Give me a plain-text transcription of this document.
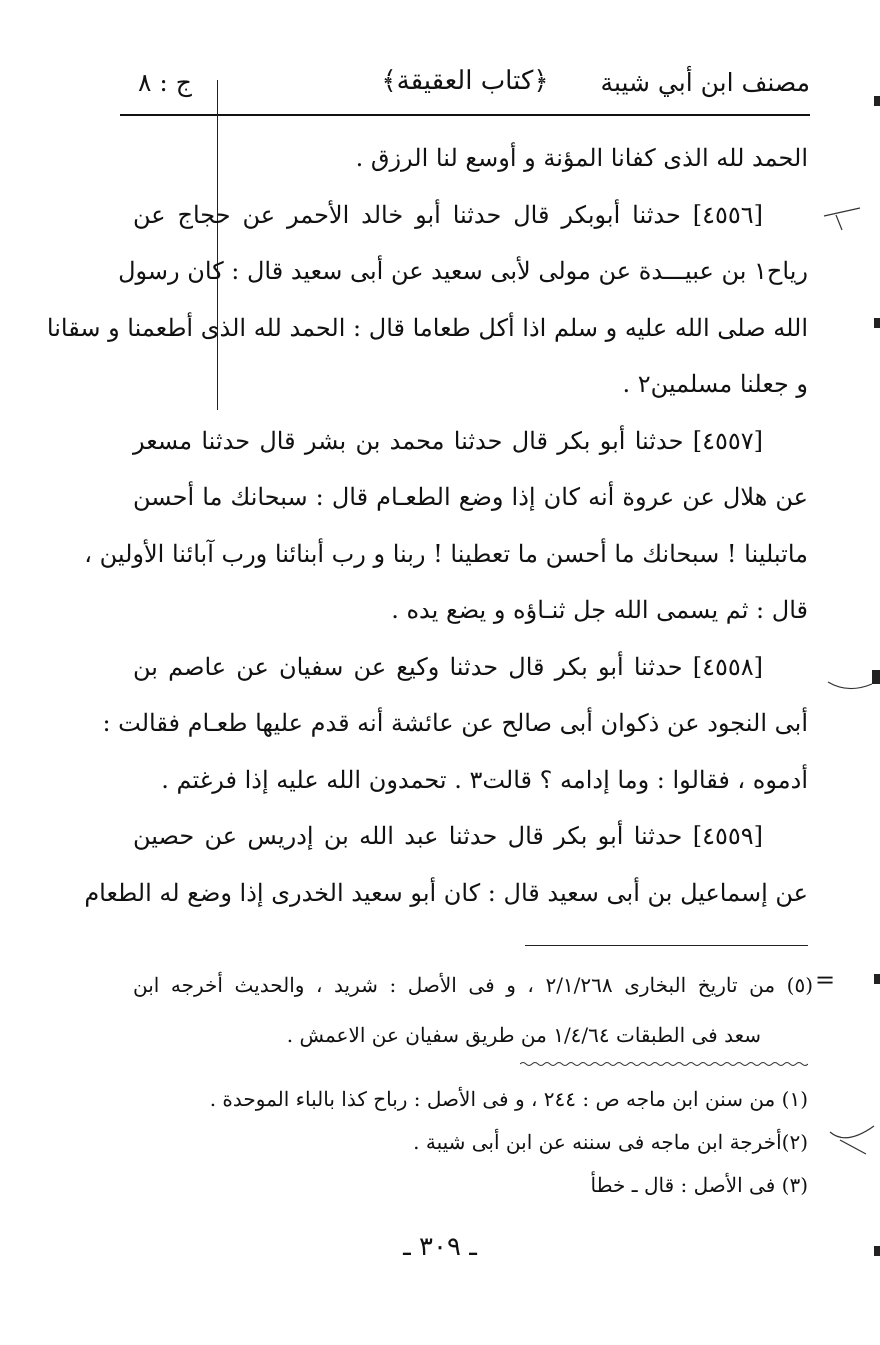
مصنف ابن أبي شيبة
﴿كتاب العقيقة﴾
ج : ٨
الحمد لله الذى كفانا المؤنة و أوسع لنا الرزق .
[٤٥٥٦] حدثنا أبوبكر قال حدثنا أبو خالد الأحمر عن حجاج عن
رياح١ بن عبيـــدة عن مولى لأبى سعيد عن أبى سعيد قال : كان رسول
الله صلى الله عليه و سلم اذا أكل طعاما قال : الحمد لله الذى أطعمنا و سقانا
و جعلنا مسلمين٢ .
[٤٥٥٧] حدثنا أبو بكر قال حدثنا محمد بن بشر قال حدثنا مسعر
عن هلال عن عروة أنه كان إذا وضع الطعـام قال : سبحانك ما أحسن
ماتبلينا ! سبحانك ما أحسن ما تعطينا ! ربنا و رب أبنائنا ورب آبائنا الأولين ،
قال : ثم يسمى الله جل ثنـاؤه و يضع يده .
[٤٥٥٨] حدثنا أبو بكر قال حدثنا وكيع عن سفيان عن عاصم بن
أبى النجود عن ذكوان أبى صالح عن عائشة أنه قدم عليها طعـام فقالت :
أدموه ، فقالوا : وما إدامه ؟ قالت٣ . تحمدون الله عليه إذا فرغتم .
[٤٥٥٩] حدثنا أبو بكر قال حدثنا عبد الله بن إدريس عن حصين
عن إسماعيل بن أبى سعيد قال : كان أبو سعيد الخدرى إذا وضع له الطعام
=
(٥) من تاريخ البخارى ٢/١/٢٦٨ ، و فى الأصل : شريد ، والحديث أخرجه ابن
سعد فى الطبقات ١/٤/٦٤ من طريق سفيان عن الاعمش .
(١) من سنن ابن ماجه ص : ٢٤٤ ، و فى الأصل : رباح كذا بالباء الموحدة .
(٢)أخرجة ابن ماجه فى سننه عن ابن أبى شيبة .
(٣) فى الأصل : قال ـ خطأ
ـ ٣٠٩ ـ
